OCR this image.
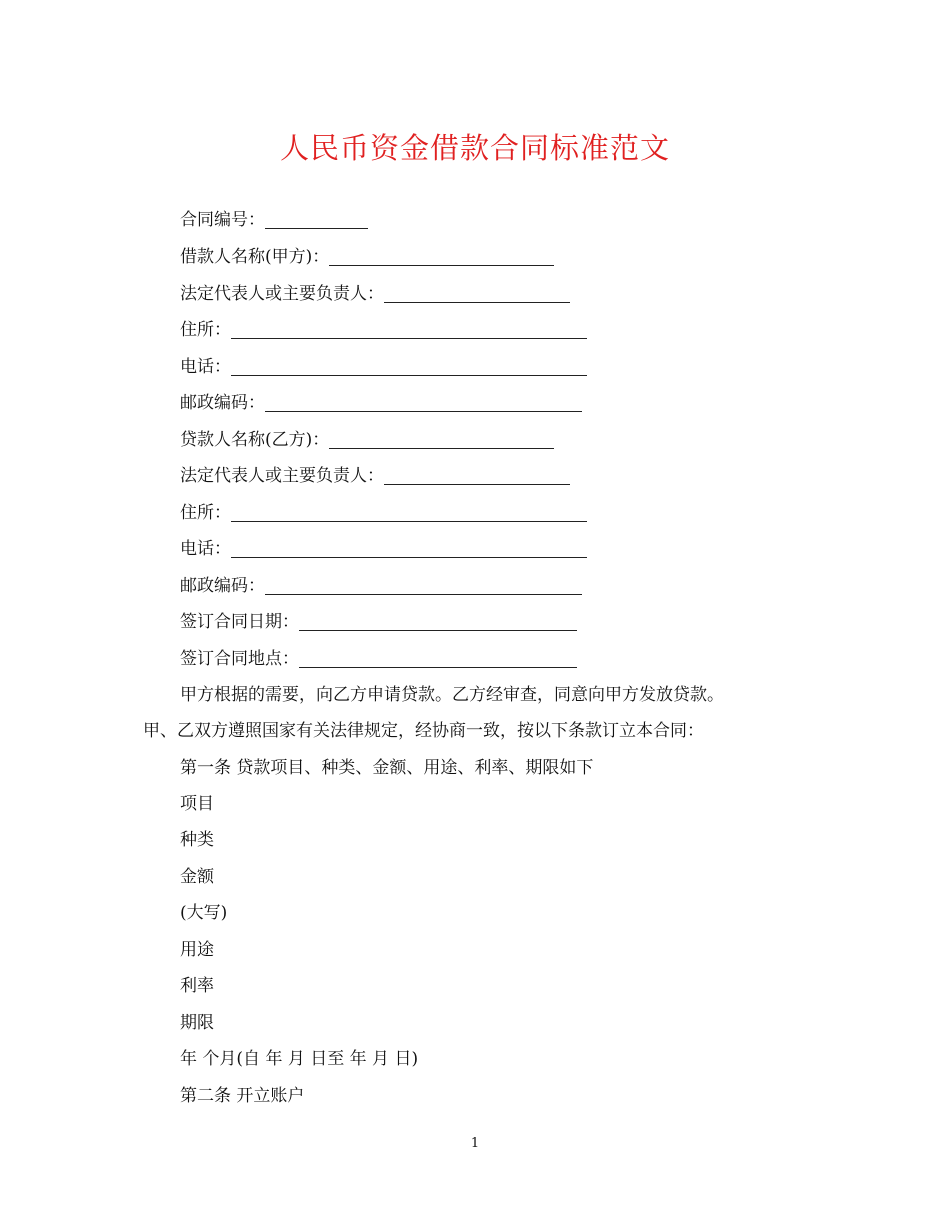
人民币资金借款合同标准范文
合同编号：
借款人名称(甲方)：
法定代表人或主要负责人：
住所：
电话：
邮政编码：
贷款人名称(乙方)：
法定代表人或主要负责人：
住所：
电话：
邮政编码：
签订合同日期：
签订合同地点：
甲方根据的需要，向乙方申请贷款。乙方经审查，同意向甲方发放贷款。
甲、乙双方遵照国家有关法律规定，经协商一致，按以下条款订立本合同：
第一条 贷款项目、种类、金额、用途、利率、期限如下
项目
种类
金额
(大写)
用途
利率
期限
年 个月(自 年 月 日至 年 月 日)
第二条 开立账户
1
